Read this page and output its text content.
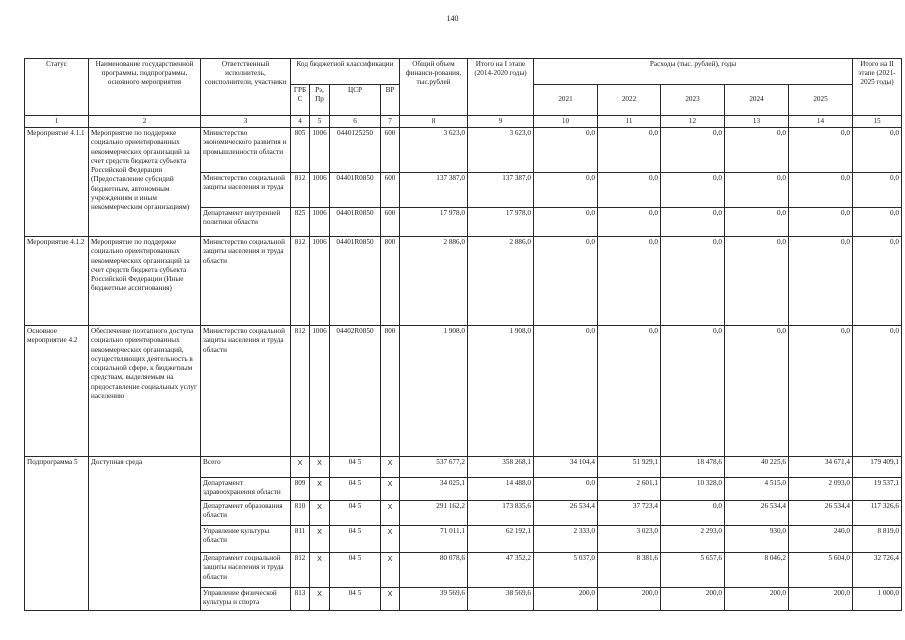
140
Статус	Наименование государственной программы, подпрограммы, основного мероприятия	Ответственный исполнитель, соисполнители, участники	Код бюджетной классификации				Общий объем финанси-рования, тыс.рублей	Итого на I этапе (2014-2020 годы)	Расходы (тыс. рублей), годы					Итого на II этапе (2021-2025 годы)
			ГРБ С	Рз, Пр	ЦСР	ВР			2021	2022	2023	2024	2025	
1	2	3	4	5	6	7	8	9	10	11	12	13	14	15
Мероприятие 4.1.1	Мероприятие по поддержке социально ориентированных некоммерческих организаций за счет средств бюджета субъекта Российской Федерации (Предоставление субсидий бюджетным, автономным учреждениям и иным некоммерческим организациям)	Министерство экономического развития и промышленности области	805	1006	0440125250	600	3 623,0	3 623,0	0,0	0,0	0,0	0,0	0,0	0,0
		Министерство социальной защиты населения и труда	812	1006	04401R0850	600	137 387,0	137 387,0	0,0	0,0	0,0	0,0	0,0	0,0
		Департамент внутренней политики области	825	1006	04401R0850	600	17 978,0	17 978,0	0,0	0,0	0,0	0,0	0,0	0,0
Мероприятие 4.1.2	Мероприятие по поддержке социально ориентированных некоммерческих организаций за счет средств бюджета субъекта Российской Федерации (Иные бюджетные ассигнования)	Министерство социальной защиты населения и труда области	812	1006	04401R0850	800	2 886,0	2 886,0	0,0	0,0	0,0	0,0	0,0	0,0
Основное мероприятие 4.2	Обеспечение поэтапного доступа социально ориентированных некоммерческих организаций, осуществляющих деятельность в социальной сфере, к бюджетным средствам, выделяемым на предоставление социальных услуг населению	Министерство социальной защиты населения и труда области	812	1006	04402R0850	800	1 908,0	1 908,0	0,0	0,0	0,0	0,0	0,0	0,0
Подпрограмма 5	Доступная среда	Всего	Х	Х	04 5	Х	537 677,2	358 268,1	34 104,4	51 929,1	18 478,6	40 225,6	34 671,4	179 409,1
		Департамент здравоохранения области	809	Х	04 5	Х	34 025,1	14 488,0	0,0	2 601,1	10 328,0	4 515,0	2 093,0	19 537,1
		Департамент образования области	810	Х	04 5	Х	291 162,2	173 835,6	26 534,4	37 723,4	0,0	26 534,4	26 534,4	117 326,6
		Управление культуры области	811	Х	04 5	Х	71 011,1	62 192,1	2 333,0	3 023,0	2 293,0	930,0	240,0	8 819,0
		Департамент социальной защиты населения и труда области	812	Х	04 5	Х	80 078,6	47 352,2	5 037,0	8 381,6	5 657,6	8 046,2	5 604,0	32 726,4
		Управление физической культуры и спорта	813	Х	04 5	Х	39 569,6	38 569,6	200,0	200,0	200,0	200,0	200,0	1 000,0
